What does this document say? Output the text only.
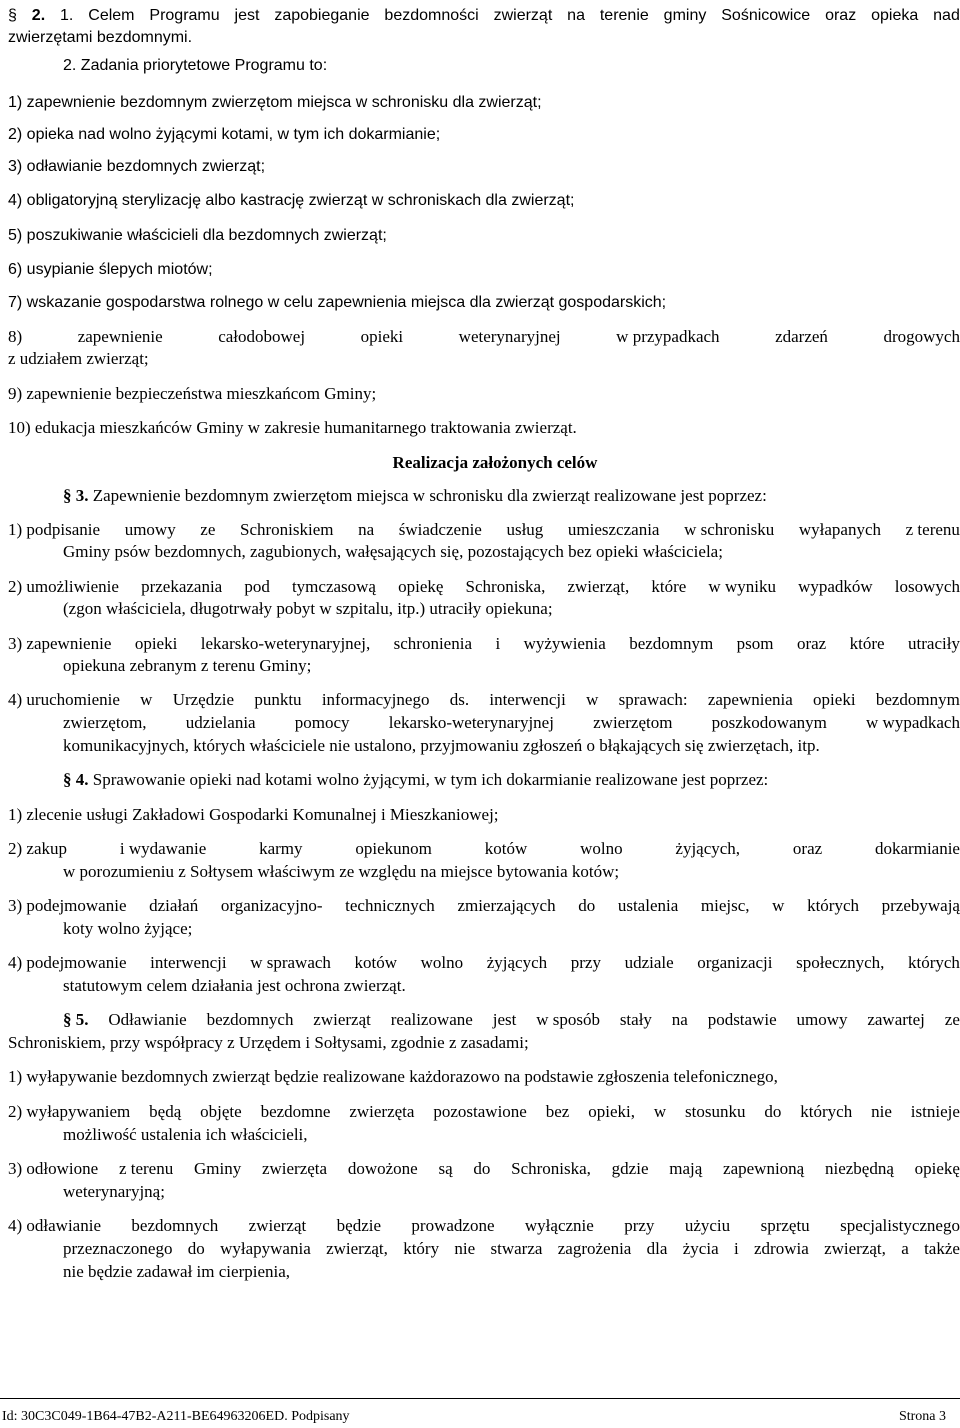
§ 2. 1. Celem Programu jest zapobieganie bezdomności zwierząt na terenie gminy Sośnicowice oraz opieka nad
zwierzętami bezdomnymi.
2. Zadania priorytetowe Programu to:
1) zapewnienie bezdomnym zwierzętom miejsca w schronisku dla zwierząt;
2) opieka nad wolno żyjącymi kotami, w tym ich dokarmianie;
3) odławianie bezdomnych zwierząt;
4) obligatoryjną sterylizację albo kastrację zwierząt w schroniskach dla zwierząt;
5) poszukiwanie właścicieli dla bezdomnych zwierząt;
6) usypianie ślepych miotów;
7) wskazanie gospodarstwa rolnego w celu zapewnienia miejsca dla zwierząt gospodarskich;
8)	zapewnienie	całodobowej	opieki	weterynaryjnej	w przypadkach	zdarzeń	drogowych
z udziałem zwierząt;
9) zapewnienie bezpieczeństwa mieszkańcom Gminy;
10) edukacja mieszkańców Gminy w zakresie humanitarnego traktowania zwierząt.
Realizacja założonych celów
§ 3. Zapewnienie bezdomnym zwierzętom miejsca w schronisku dla zwierząt realizowane jest poprzez:
1) podpisanie umowy ze Schroniskiem na świadczenie usług umieszczania w schronisku wyłapanych z terenu
Gminy psów bezdomnych, zagubionych, wałęsających się, pozostających bez opieki właściciela;
2) umożliwienie przekazania pod tymczasową opiekę Schroniska, zwierząt, które w wyniku wypadków losowych
(zgon właściciela, długotrwały pobyt w szpitalu, itp.) utraciły opiekuna;
3) zapewnienie opieki lekarsko-weterynaryjnej, schronienia i wyżywienia bezdomnym psom oraz które utraciły
opiekuna zebranym z terenu Gminy;
4) uruchomienie w Urzędzie punktu informacyjnego ds. interwencji w sprawach: zapewnienia opieki bezdomnym
zwierzętom, udzielania pomocy lekarsko-weterynaryjnej zwierzętom poszkodowanym w wypadkach
komunikacyjnych, których właściciele nie ustalono, przyjmowaniu zgłoszeń o błąkających się zwierzętach, itp.
§ 4. Sprawowanie opieki nad kotami wolno żyjącymi, w tym ich dokarmianie realizowane jest poprzez:
1) zlecenie usługi Zakładowi Gospodarki Komunalnej i Mieszkaniowej;
2) zakup	i wydawanie	karmy	opiekunom	kotów	wolno	żyjących,	oraz	dokarmianie
w porozumieniu z Sołtysem właściwym ze względu na miejsce bytowania kotów;
3) podejmowanie działań organizacyjno- technicznych zmierzających do ustalenia miejsc, w których przebywają
koty wolno żyjące;
4) podejmowanie interwencji w sprawach kotów wolno żyjących przy udziale organizacji społecznych, których
statutowym celem działania jest ochrona zwierząt.
§ 5. Odławianie bezdomnych zwierząt realizowane jest w sposób stały na podstawie umowy zawartej ze
Schroniskiem, przy współpracy z Urzędem i Sołtysami, zgodnie z zasadami;
1) wyłapywanie bezdomnych zwierząt będzie realizowane każdorazowo na podstawie zgłoszenia telefonicznego,
2) wyłapywaniem będą objęte bezdomne zwierzęta pozostawione bez opieki, w stosunku do których nie istnieje
możliwość ustalenia ich właścicieli,
3) odłowione z terenu Gminy zwierzęta dowożone są do Schroniska, gdzie mają zapewnioną niezbędną opiekę
weterynaryjną;
4) odławianie bezdomnych zwierząt będzie prowadzone wyłącznie przy użyciu sprzętu specjalistycznego
przeznaczonego do wyłapywania zwierząt, który nie stwarza zagrożenia dla życia i zdrowia zwierząt, a także
nie będzie zadawał im cierpienia,
Id: 30C3C049-1B64-47B2-A211-BE64963206ED. Podpisany	Strona 3
